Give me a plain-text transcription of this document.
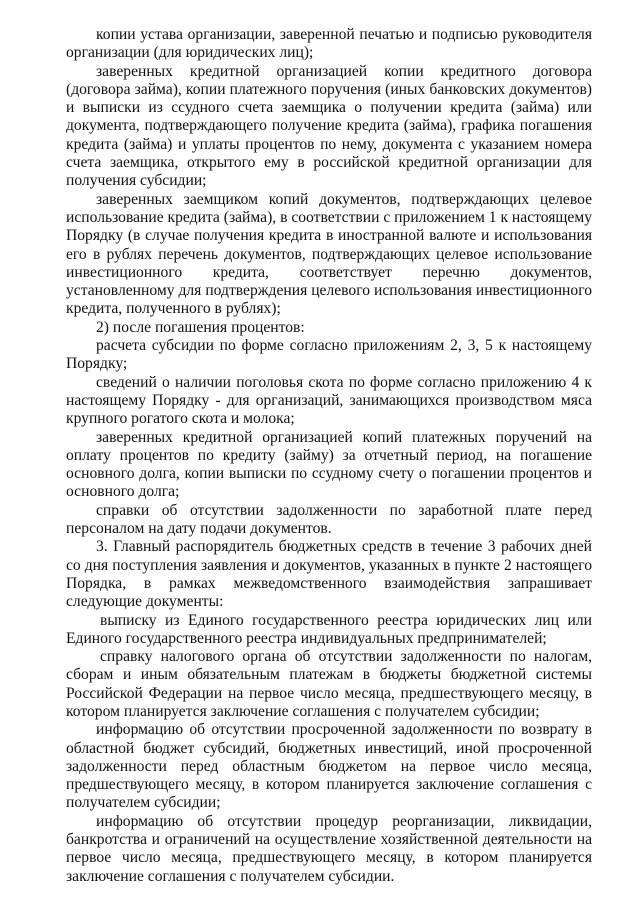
копии устава организации, заверенной печатью и подписью руководителя организации (для юридических лиц);

заверенных кредитной организацией копии кредитного договора (договора займа), копии платежного поручения (иных банковских документов) и выписки из ссудного счета заемщика о получении кредита (займа) или документа, подтверждающего получение кредита (займа), графика погашения кредита (займа) и уплаты процентов по нему, документа с указанием номера счета заемщика, открытого ему в российской кредитной организации для получения субсидии;

заверенных заемщиком копий документов, подтверждающих целевое использование кредита (займа), в соответствии с приложением 1 к настоящему Порядку (в случае получения кредита в иностранной валюте и использования его в рублях перечень документов, подтверждающих целевое использование инвестиционного кредита, соответствует перечню документов, установленному для подтверждения целевого использования инвестиционного кредита, полученного в рублях);

2) после погашения процентов:

расчета субсидии по форме согласно приложениям 2, 3, 5 к настоящему Порядку;

сведений о наличии поголовья скота по форме согласно приложению 4 к настоящему Порядку - для организаций, занимающихся производством мяса крупного рогатого скота и молока;

заверенных кредитной организацией копий платежных поручений на оплату процентов по кредиту (займу) за отчетный период, на погашение основного долга, копии выписки по ссудному счету о погашении процентов и основного долга;

справки об отсутствии задолженности по заработной плате перед персоналом на дату подачи документов.

3. Главный распорядитель бюджетных средств в течение 3 рабочих дней со дня поступления заявления и документов, указанных в пункте 2 настоящего Порядка, в рамках межведомственного взаимодействия запрашивает следующие документы:

выписку из Единого государственного реестра юридических лиц или Единого государственного реестра индивидуальных предпринимателей;

справку налогового органа об отсутствии задолженности по налогам, сборам и иным обязательным платежам в бюджеты бюджетной системы Российской Федерации на первое число месяца, предшествующего месяцу, в котором планируется заключение соглашения с получателем субсидии;

информацию об отсутствии просроченной задолженности по возврату в областной бюджет субсидий, бюджетных инвестиций, иной просроченной задолженности перед областным бюджетом на первое число месяца, предшествующего месяцу, в котором планируется заключение соглашения с получателем субсидии;

информацию об отсутствии процедур реорганизации, ликвидации, банкротства и ограничений на осуществление хозяйственной деятельности на первое число месяца, предшествующего месяцу, в котором планируется заключение соглашения с получателем субсидии.
